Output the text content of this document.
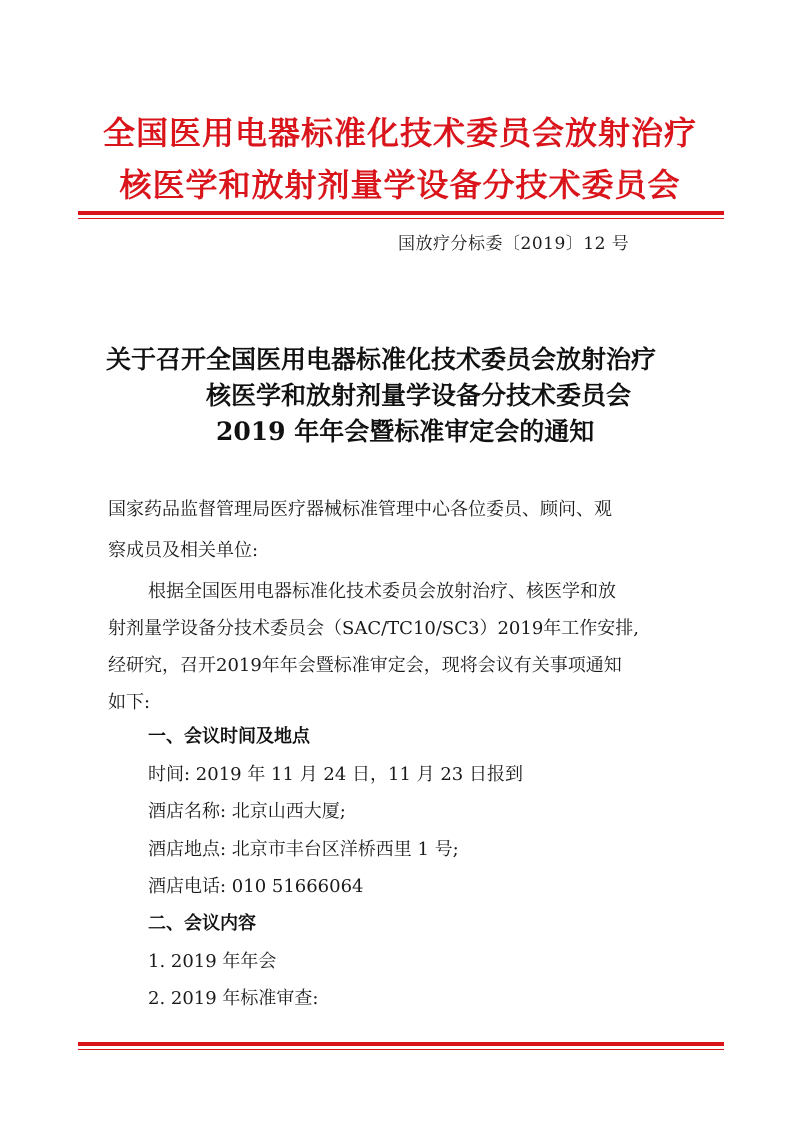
全国医用电器标准化技术委员会放射治疗
核医学和放射剂量学设备分技术委员会
国放疗分标委〔2019〕12 号
关于召开全国医用电器标准化技术委员会放射治疗
核医学和放射剂量学设备分技术委员会
2019 年年会暨标准审定会的通知
国家药品监督管理局医疗器械标准管理中心各位委员、顾问、观
察成员及相关单位:
根据全国医用电器标准化技术委员会放射治疗、核医学和放
射剂量学设备分技术委员会（SAC/TC10/SC3）2019年工作安排,
经研究，召开2019年年会暨标准审定会，现将会议有关事项通知
如下:
一、会议时间及地点
时间: 2019 年 11 月 24 日，11 月 23 日报到
酒店名称: 北京山西大厦;
酒店地点: 北京市丰台区洋桥西里 1 号;
酒店电话: 010 51666064
二、会议内容
1. 2019 年年会
2. 2019 年标准审查:
